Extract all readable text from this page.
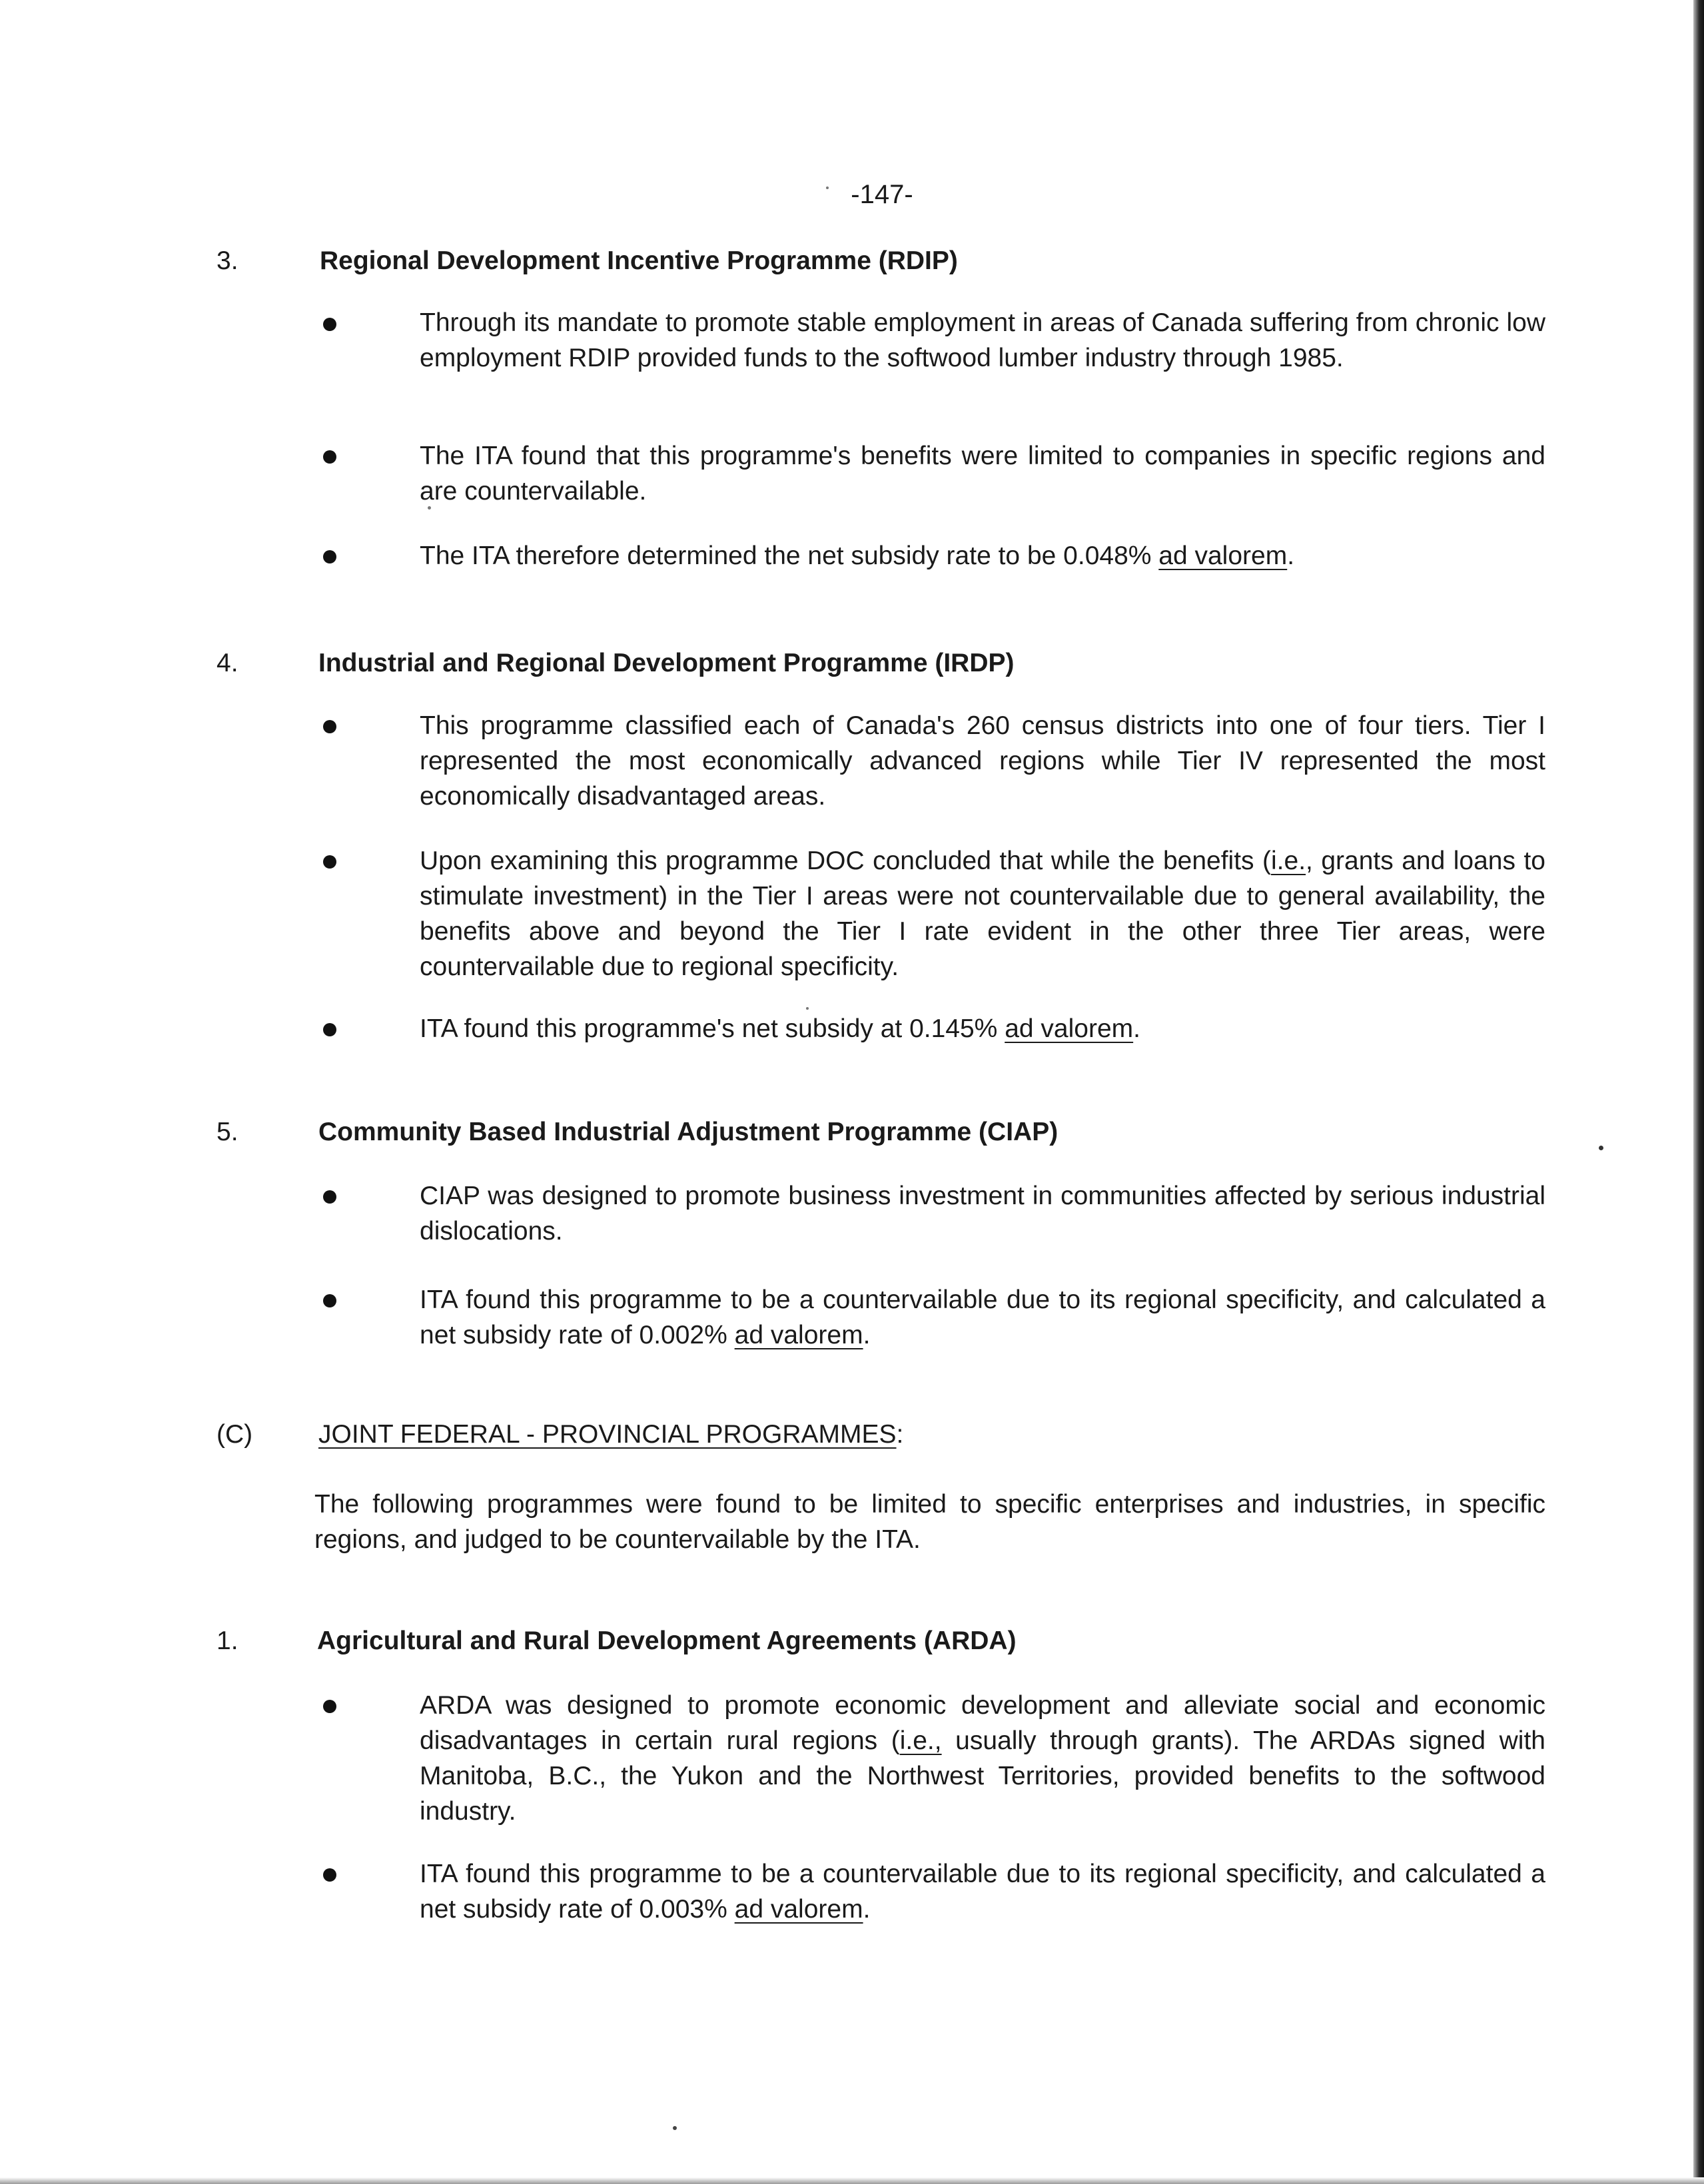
-147-
3.	Regional Development Incentive Programme (RDIP)
Through its mandate to promote stable employment in areas of Canada suffering from chronic low employment RDIP provided funds to the softwood lumber industry through 1985.
The ITA found that this programme's benefits were limited to companies in specific regions and are countervailable.
The ITA therefore determined the net subsidy rate to be 0.048% ad valorem.
4.	Industrial and Regional Development Programme (IRDP)
This programme classified each of Canada's 260 census districts into one of four tiers. Tier I represented the most economically advanced regions while Tier IV represented the most economically disadvantaged areas.
Upon examining this programme DOC concluded that while the benefits (i.e., grants and loans to stimulate investment) in the Tier I areas were not countervailable due to general availability, the benefits above and beyond the Tier I rate evident in the other three Tier areas, were countervailable due to regional specificity.
ITA found this programme's net subsidy at 0.145% ad valorem.
5.	Community Based Industrial Adjustment Programme (CIAP)
CIAP was designed to promote business investment in communities affected by serious industrial dislocations.
ITA found this programme to be a countervailable due to its regional specificity, and calculated a net subsidy rate of 0.002% ad valorem.
(C)	JOINT FEDERAL - PROVINCIAL PROGRAMMES:
The following programmes were found to be limited to specific enterprises and industries, in specific regions, and judged to be countervailable by the ITA.
1.	Agricultural and Rural Development Agreements (ARDA)
ARDA was designed to promote economic development and alleviate social and economic disadvantages in certain rural regions (i.e., usually through grants). The ARDAs signed with Manitoba, B.C., the Yukon and the Northwest Territories, provided benefits to the softwood industry.
ITA found this programme to be a countervailable due to its regional specificity, and calculated a net subsidy rate of 0.003% ad valorem.
